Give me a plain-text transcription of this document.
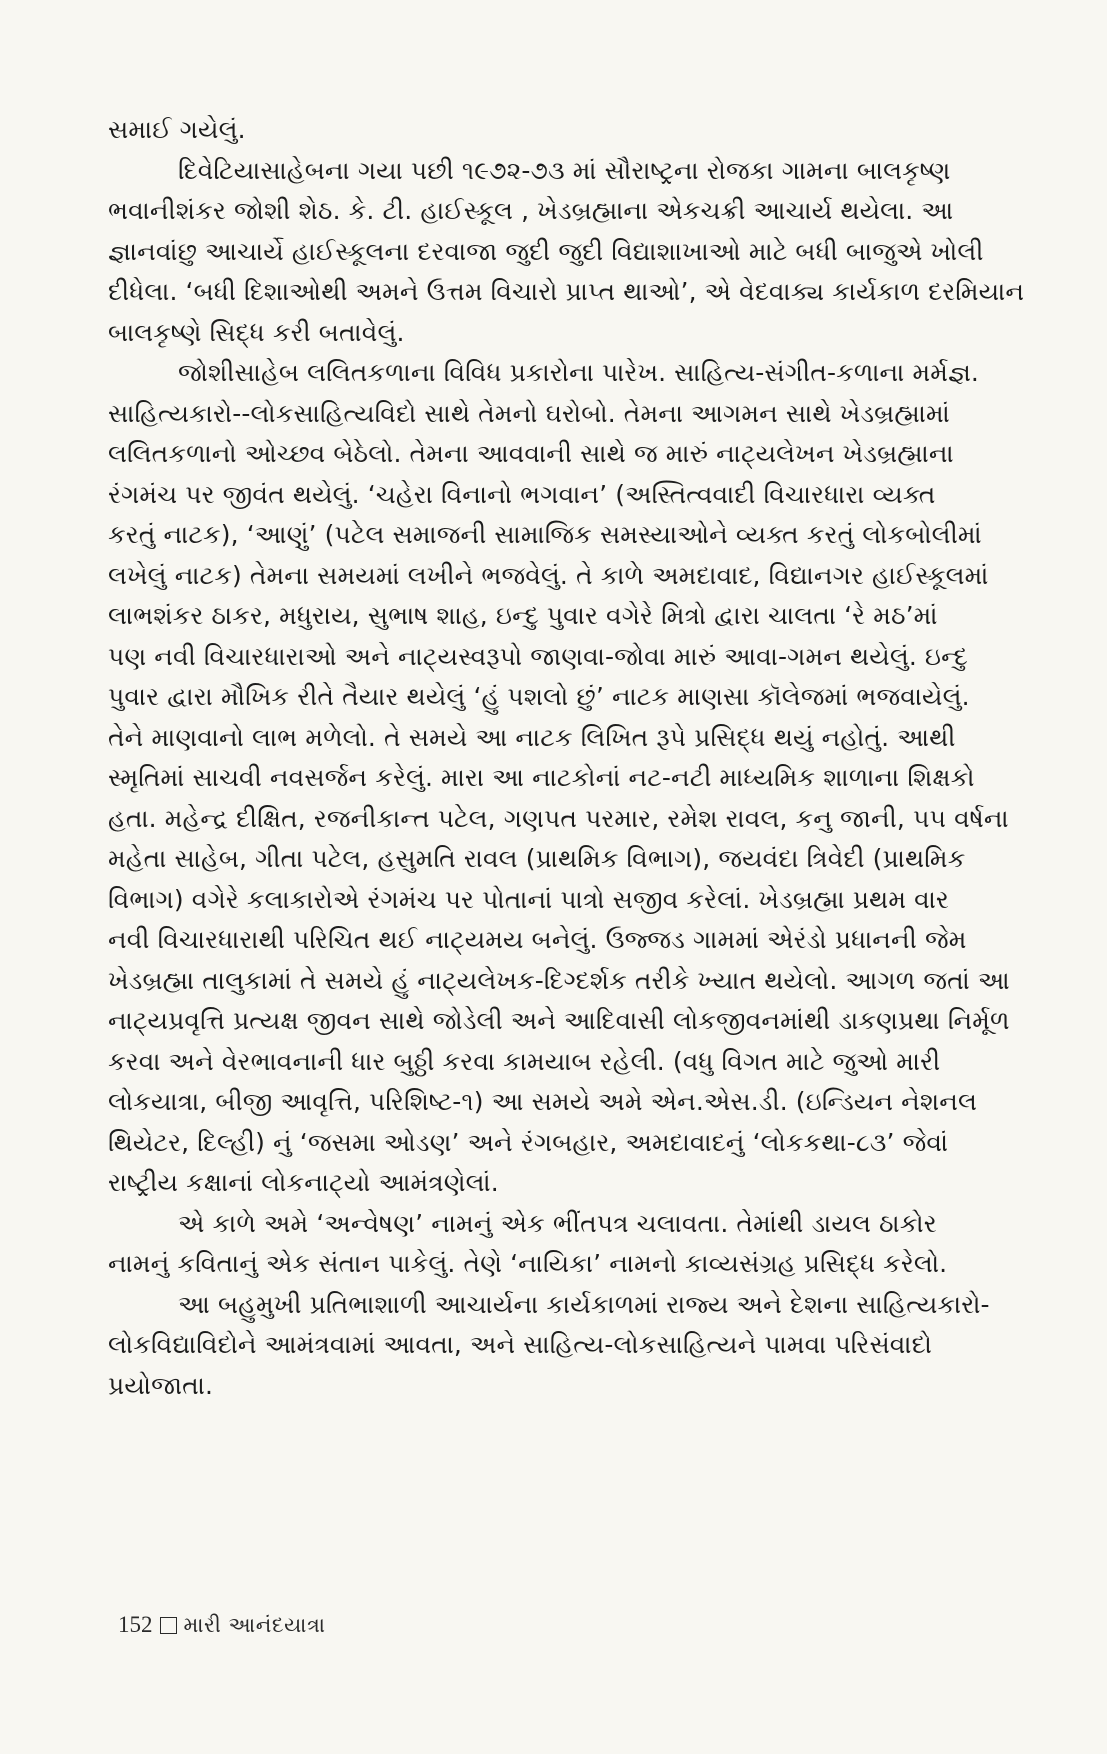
સમાઈ ગયેલું.
દિવેટિયાસાહેબના ગયા પછી ૧૯૭૨-૭૩ માં સૌરાષ્ટ્રના રોજકા ગામના બાલકૃષ્ણ
ભવાનીશંકર જોશી શેઠ. કે. ટી. હાઈસ્કૂલ , ખેડબ્રહ્માના એકચક્રી આચાર્ય થયેલા. આ
જ્ઞાનવાંછુ આચાર્યે હાઈસ્કૂલના દરવાજા જુદી જુદી વિદ્યાશાખાઓ માટે બધી બાજુએ ખોલી
દીધેલા. ‘બધી દિશાઓથી અમને ઉત્તમ વિચારો પ્રાપ્ત થાઓ’, એ વેદવાક્ય કાર્યકાળ દરમિયાન
બાલકૃષ્ણે સિદ્ધ કરી બતાવેલું.
જોશીસાહેબ લલિતકળાના વિવિધ પ્રકારોના પારેખ. સાહિત્ય-સંગીત-કળાના મર્મજ્ઞ.
સાહિત્યકારો--લોકસાહિત્યવિદો સાથે તેમનો ઘરોબો. તેમના આગમન સાથે ખેડબ્રહ્મામાં
લલિતકળાનો ઓચ્છવ બેઠેલો. તેમના આવવાની સાથે જ મારું નાટ્યલેખન ખેડબ્રહ્માના
રંગમંચ પર જીવંત થયેલું. ‘ચહેરા વિનાનો ભગવાન’ (અસ્તિત્વવાદી વિચારધારા વ્યક્ત
કરતું નાટક), ‘આણું’ (પટેલ સમાજની સામાજિક સમસ્યાઓને વ્યક્ત કરતું લોકબોલીમાં
લખેલું નાટક) તેમના સમયમાં લખીને ભજવેલું. તે કાળે અમદાવાદ, વિદ્યાનગર હાઈસ્કૂલમાં
લાભશંકર ઠાકર, મધુરાય, સુભાષ શાહ, ઇન્દુ પુવાર વગેરે મિત્રો દ્વારા ચાલતા ‘રે મઠ’માં
પણ નવી વિચારધારાઓ અને નાટ્યસ્વરૂપો જાણવા-જોવા મારું આવા-ગમન થયેલું. ઇન્દુ
પુવાર દ્વારા મૌખિક રીતે તૈયાર થયેલું ‘હું પશલો છું’ નાટક માણસા કૉલેજમાં ભજવાયેલું.
તેને માણવાનો લાભ મળેલો. તે સમયે આ નાટક લિખિત રૂપે પ્રસિદ્ધ થયું નહોતું. આથી
સ્મૃતિમાં સાચવી નવસર્જન કરેલું. મારા આ નાટકોનાં નટ-નટી માધ્યમિક શાળાના શિક્ષકો
હતા. મહેન્દ્ર દીક્ષિત, રજનીકાન્ત પટેલ, ગણપત પરમાર, રમેશ રાવલ, કનુ જાની, ૫૫ વર્ષના
મહેતા સાહેબ, ગીતા પટેલ, હસુમતિ રાવલ (પ્રાથમિક વિભાગ), જયવંદા ત્રિવેદી (પ્રાથમિક
વિભાગ) વગેરે કલાકારોએ રંગમંચ પર પોતાનાં પાત્રો સજીવ કરેલાં. ખેડબ્રહ્મા પ્રથમ વાર
નવી વિચારધારાથી પરિચિત થઈ નાટ્યમય બનેલું. ઉજ્જડ ગામમાં એરંડો પ્રધાનની જેમ
ખેડબ્રહ્મા તાલુકામાં તે સમયે હું નાટ્યલેખક-દિગ્દર્શક તરીકે ખ્યાત થયેલો. આગળ જતાં આ
નાટ્યપ્રવૃત્તિ પ્રત્યક્ષ જીવન સાથે જોડેલી અને આદિવાસી લોકજીવનમાંથી ડાકણપ્રથા નિર્મૂળ
કરવા અને વેરભાવનાની ધાર બુઠ્ઠી કરવા કામયાબ રહેલી. (વધુ વિગત માટે જુઓ મારી
લોકયાત્રા, બીજી આવૃત્તિ, પરિશિષ્ટ-૧) આ સમયે અમે એન.એસ.ડી. (ઇન્ડિયન નેશનલ
થિયેટર, દિલ્હી) નું ‘જસમા ઓડણ’ અને રંગબહાર, અમદાવાદનું ‘લોકકથા-૮૩’ જેવાં
રાષ્ટ્રીય કક્ષાનાં લોકનાટ્યો આમંત્રણેલાં.
એ કાળે અમે ‘અન્વેષણ’ નામનું એક ભીંતપત્ર ચલાવતા. તેમાંથી ડાયલ ઠાકોર
નામનું કવિતાનું એક સંતાન પાકેલું. તેણે ‘નાયિકા’ નામનો કાવ્યસંગ્રહ પ્રસિદ્ધ કરેલો.
આ બહુમુખી પ્રતિભાશાળી આચાર્યના કાર્યકાળમાં રાજ્ય અને દેશના સાહિત્યકારો-
લોકવિદ્યાવિદોને આમંત્રવામાં આવતા, અને સાહિત્ય-લોકસાહિત્યને પામવા પરિસંવાદો
પ્રયોજાતા.
152 મારી આનંદયાત્રા
